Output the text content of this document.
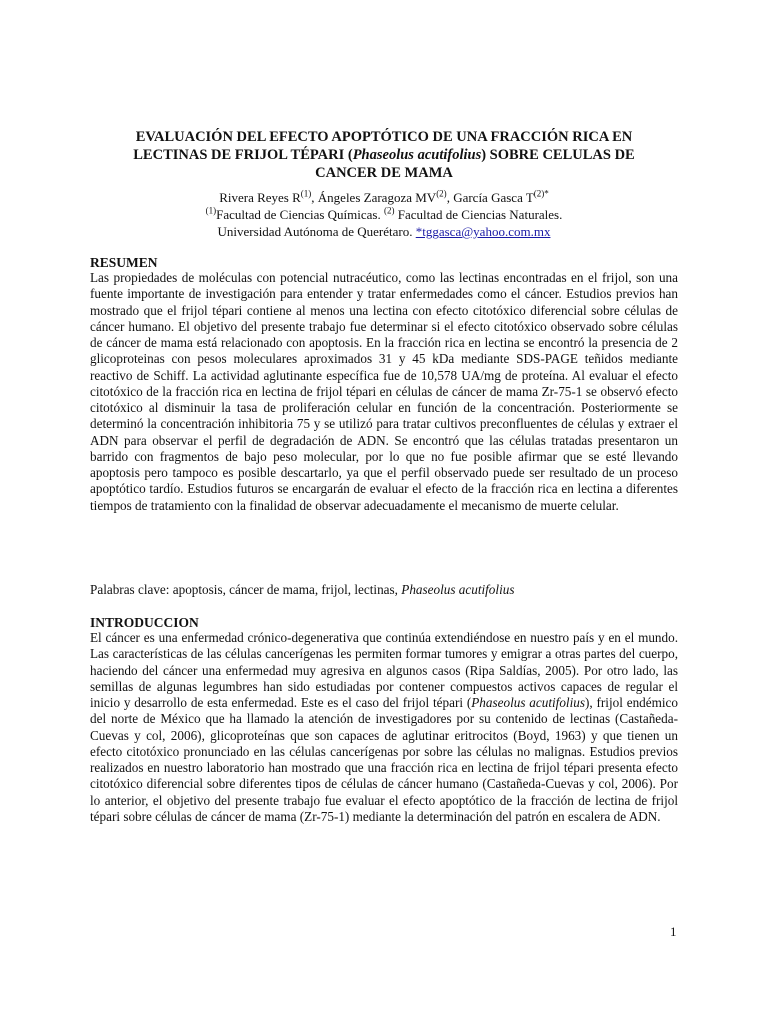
EVALUACIÓN DEL EFECTO APOPTÓTICO DE UNA FRACCIÓN RICA EN LECTINAS DE FRIJOL TÉPARI (Phaseolus acutifolius) SOBRE CELULAS DE CANCER DE MAMA
Rivera Reyes $R^{(1)}$, Ángeles Zaragoza MV$^{(2)}$, García Gasca $T^{(2)*}$
$^{(1)}$Facultad de Ciencias Químicas. $^{(2)}$ Facultad de Ciencias Naturales.
Universidad Autónoma de Querétaro. *tggasca@yahoo.com.mx
RESUMEN

Las propiedades de moléculas con potencial nutracéutico, como las lectinas encontradas en el frijol, son una fuente importante de investigación para entender y tratar enfermedades como el cáncer. Estudios previos han mostrado que el frijol tépari contiene al menos una lectina con efecto citotóxico diferencial sobre células de cáncer humano. El objetivo del presente trabajo fue determinar si el efecto citotóxico observado sobre células de cáncer de mama está relacionado con apoptosis. En la fracción rica en lectina se encontró la presencia de 2 glicoproteinas con pesos moleculares aproximados 31 y 45 kDa mediante SDS-PAGE teñidos mediante reactivo de Schiff. La actividad aglutinante específica fue de 10,578 UA/mg de proteína. Al evaluar el efecto citotóxico de la fracción rica en lectina de frijol tépari en células de cáncer de mama Zr-75-1 se observó efecto citotóxico al disminuir la tasa de proliferación celular en función de la concentración. Posteriormente se determinó la concentración inhibitoria 75 y se utilizó para tratar cultivos preconfluentes de células y extraer el ADN para observar el perfil de degradación de ADN. Se encontró que las células tratadas presentaron un barrido con fragmentos de bajo peso molecular, por lo que no fue posible afirmar que se esté llevando apoptosis pero tampoco es posible descartarlo, ya que el perfil observado puede ser resultado de un proceso apoptótico tardío. Estudios futuros se encargarán de evaluar el efecto de la fracción rica en lectina a diferentes tiempos de tratamiento con la finalidad de observar adecuadamente el mecanismo de muerte celular.

Palabras clave: apoptosis, cáncer de mama, frijol, lectinas, Phaseolus acutifolius

INTRODUCCION

El cáncer es una enfermedad crónico-degenerativa que continúa extendiéndose en nuestro país y en el mundo. Las características de las células cancerígenas les permiten formar tumores y emigrar a otras partes del cuerpo, haciendo del cáncer una enfermedad muy agresiva en algunos casos (Ripa Saldías, 2005). Por otro lado, las semillas de algunas legumbres han sido estudiadas por contener compuestos activos capaces de regular el inicio y desarrollo de esta enfermedad. Este es el caso del frijol tépari (Phaseolus acutifolius), frijol endémico del norte de México que ha llamado la atención de investigadores por su contenido de lectinas (Castañeda-Cuevas y col, 2006), glicoproteínas que son capaces de aglutinar eritrocitos (Boyd, 1963) y que tienen un efecto citotóxico pronunciado en las células cancerígenas por sobre las células no malignas. Estudios previos realizados en nuestro laboratorio han mostrado que una fracción rica en lectina de frijol tépari presenta efecto citotóxico diferencial sobre diferentes tipos de células de cáncer humano (Castañeda-Cuevas y col, 2006). Por lo anterior, el objetivo del presente trabajo fue evaluar el efecto apoptótico de la fracción de lectina de frijol tépari sobre células de cáncer de mama (Zr-75-1) mediante la determinación del patrón en escalera de ADN.

1
